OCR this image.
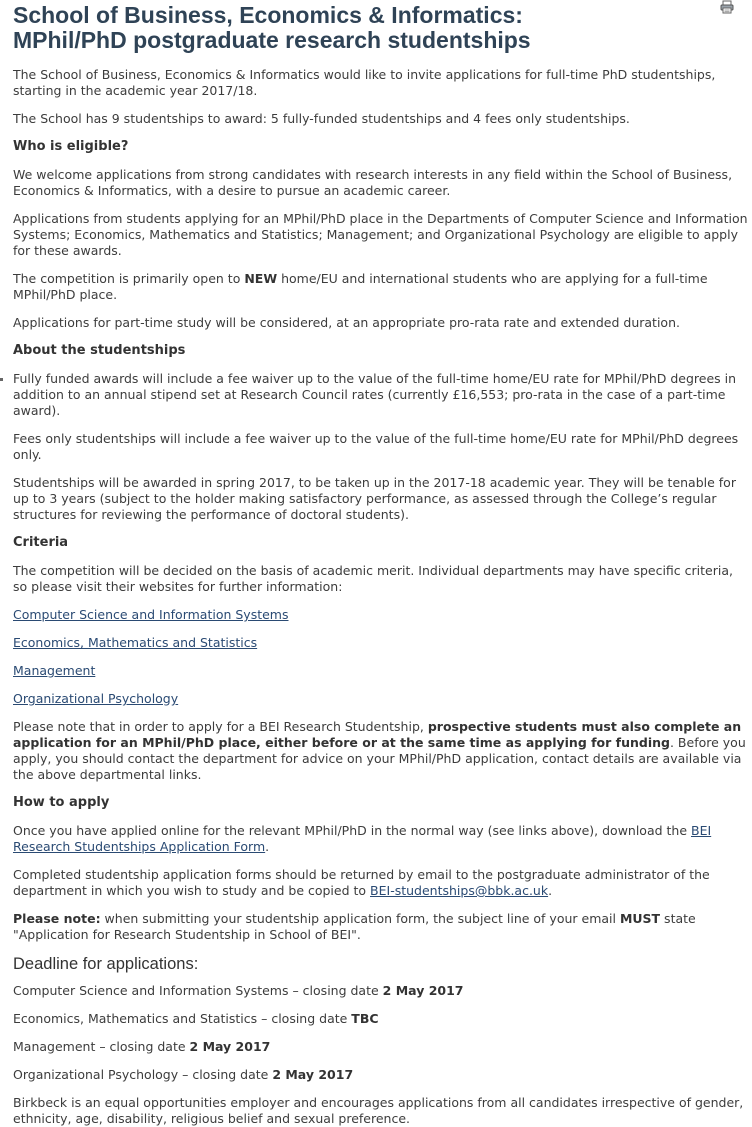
School of Business, Economics & Informatics:
MPhil/PhD postgraduate research studentships

The School of Business, Economics & Informatics would like to invite applications for full-time PhD studentships, starting in the academic year 2017/18.

The School has 9 studentships to award: 5 fully-funded studentships and 4 fees only studentships.

Who is eligible?

We welcome applications from strong candidates with research interests in any field within the School of Business, Economics & Informatics, with a desire to pursue an academic career.

Applications from students applying for an MPhil/PhD place in the Departments of Computer Science and Information Systems; Economics, Mathematics and Statistics; Management; and Organizational Psychology are eligible to apply for these awards.

The competition is primarily open to NEW home/EU and international students who are applying for a full-time MPhil/PhD place.

Applications for part-time study will be considered, at an appropriate pro-rata rate and extended duration.

About the studentships

Fully funded awards will include a fee waiver up to the value of the full-time home/EU rate for MPhil/PhD degrees in addition to an annual stipend set at Research Council rates (currently £16,553; pro-rata in the case of a part-time award).

Fees only studentships will include a fee waiver up to the value of the full-time home/EU rate for MPhil/PhD degrees only.

Studentships will be awarded in spring 2017, to be taken up in the 2017-18 academic year. They will be tenable for up to 3 years (subject to the holder making satisfactory performance, as assessed through the College’s regular structures for reviewing the performance of doctoral students).

Criteria

The competition will be decided on the basis of academic merit. Individual departments may have specific criteria, so please visit their websites for further information:

Computer Science and Information Systems

Economics, Mathematics and Statistics

Management

Organizational Psychology

Please note that in order to apply for a BEI Research Studentship, prospective students must also complete an application for an MPhil/PhD place, either before or at the same time as applying for funding. Before you apply, you should contact the department for advice on your MPhil/PhD application, contact details are available via the above departmental links.

How to apply

Once you have applied online for the relevant MPhil/PhD in the normal way (see links above), download the BEI Research Studentships Application Form.

Completed studentship application forms should be returned by email to the postgraduate administrator of the department in which you wish to study and be copied to BEI-studentships@bbk.ac.uk.

Please note: when submitting your studentship application form, the subject line of your email MUST state "Application for Research Studentship in School of BEI".

Deadline for applications:

Computer Science and Information Systems – closing date 2 May 2017

Economics, Mathematics and Statistics – closing date TBC

Management – closing date 2 May 2017

Organizational Psychology – closing date 2 May 2017

Birkbeck is an equal opportunities employer and encourages applications from all candidates irrespective of gender, ethnicity, age, disability, religious belief and sexual preference.
